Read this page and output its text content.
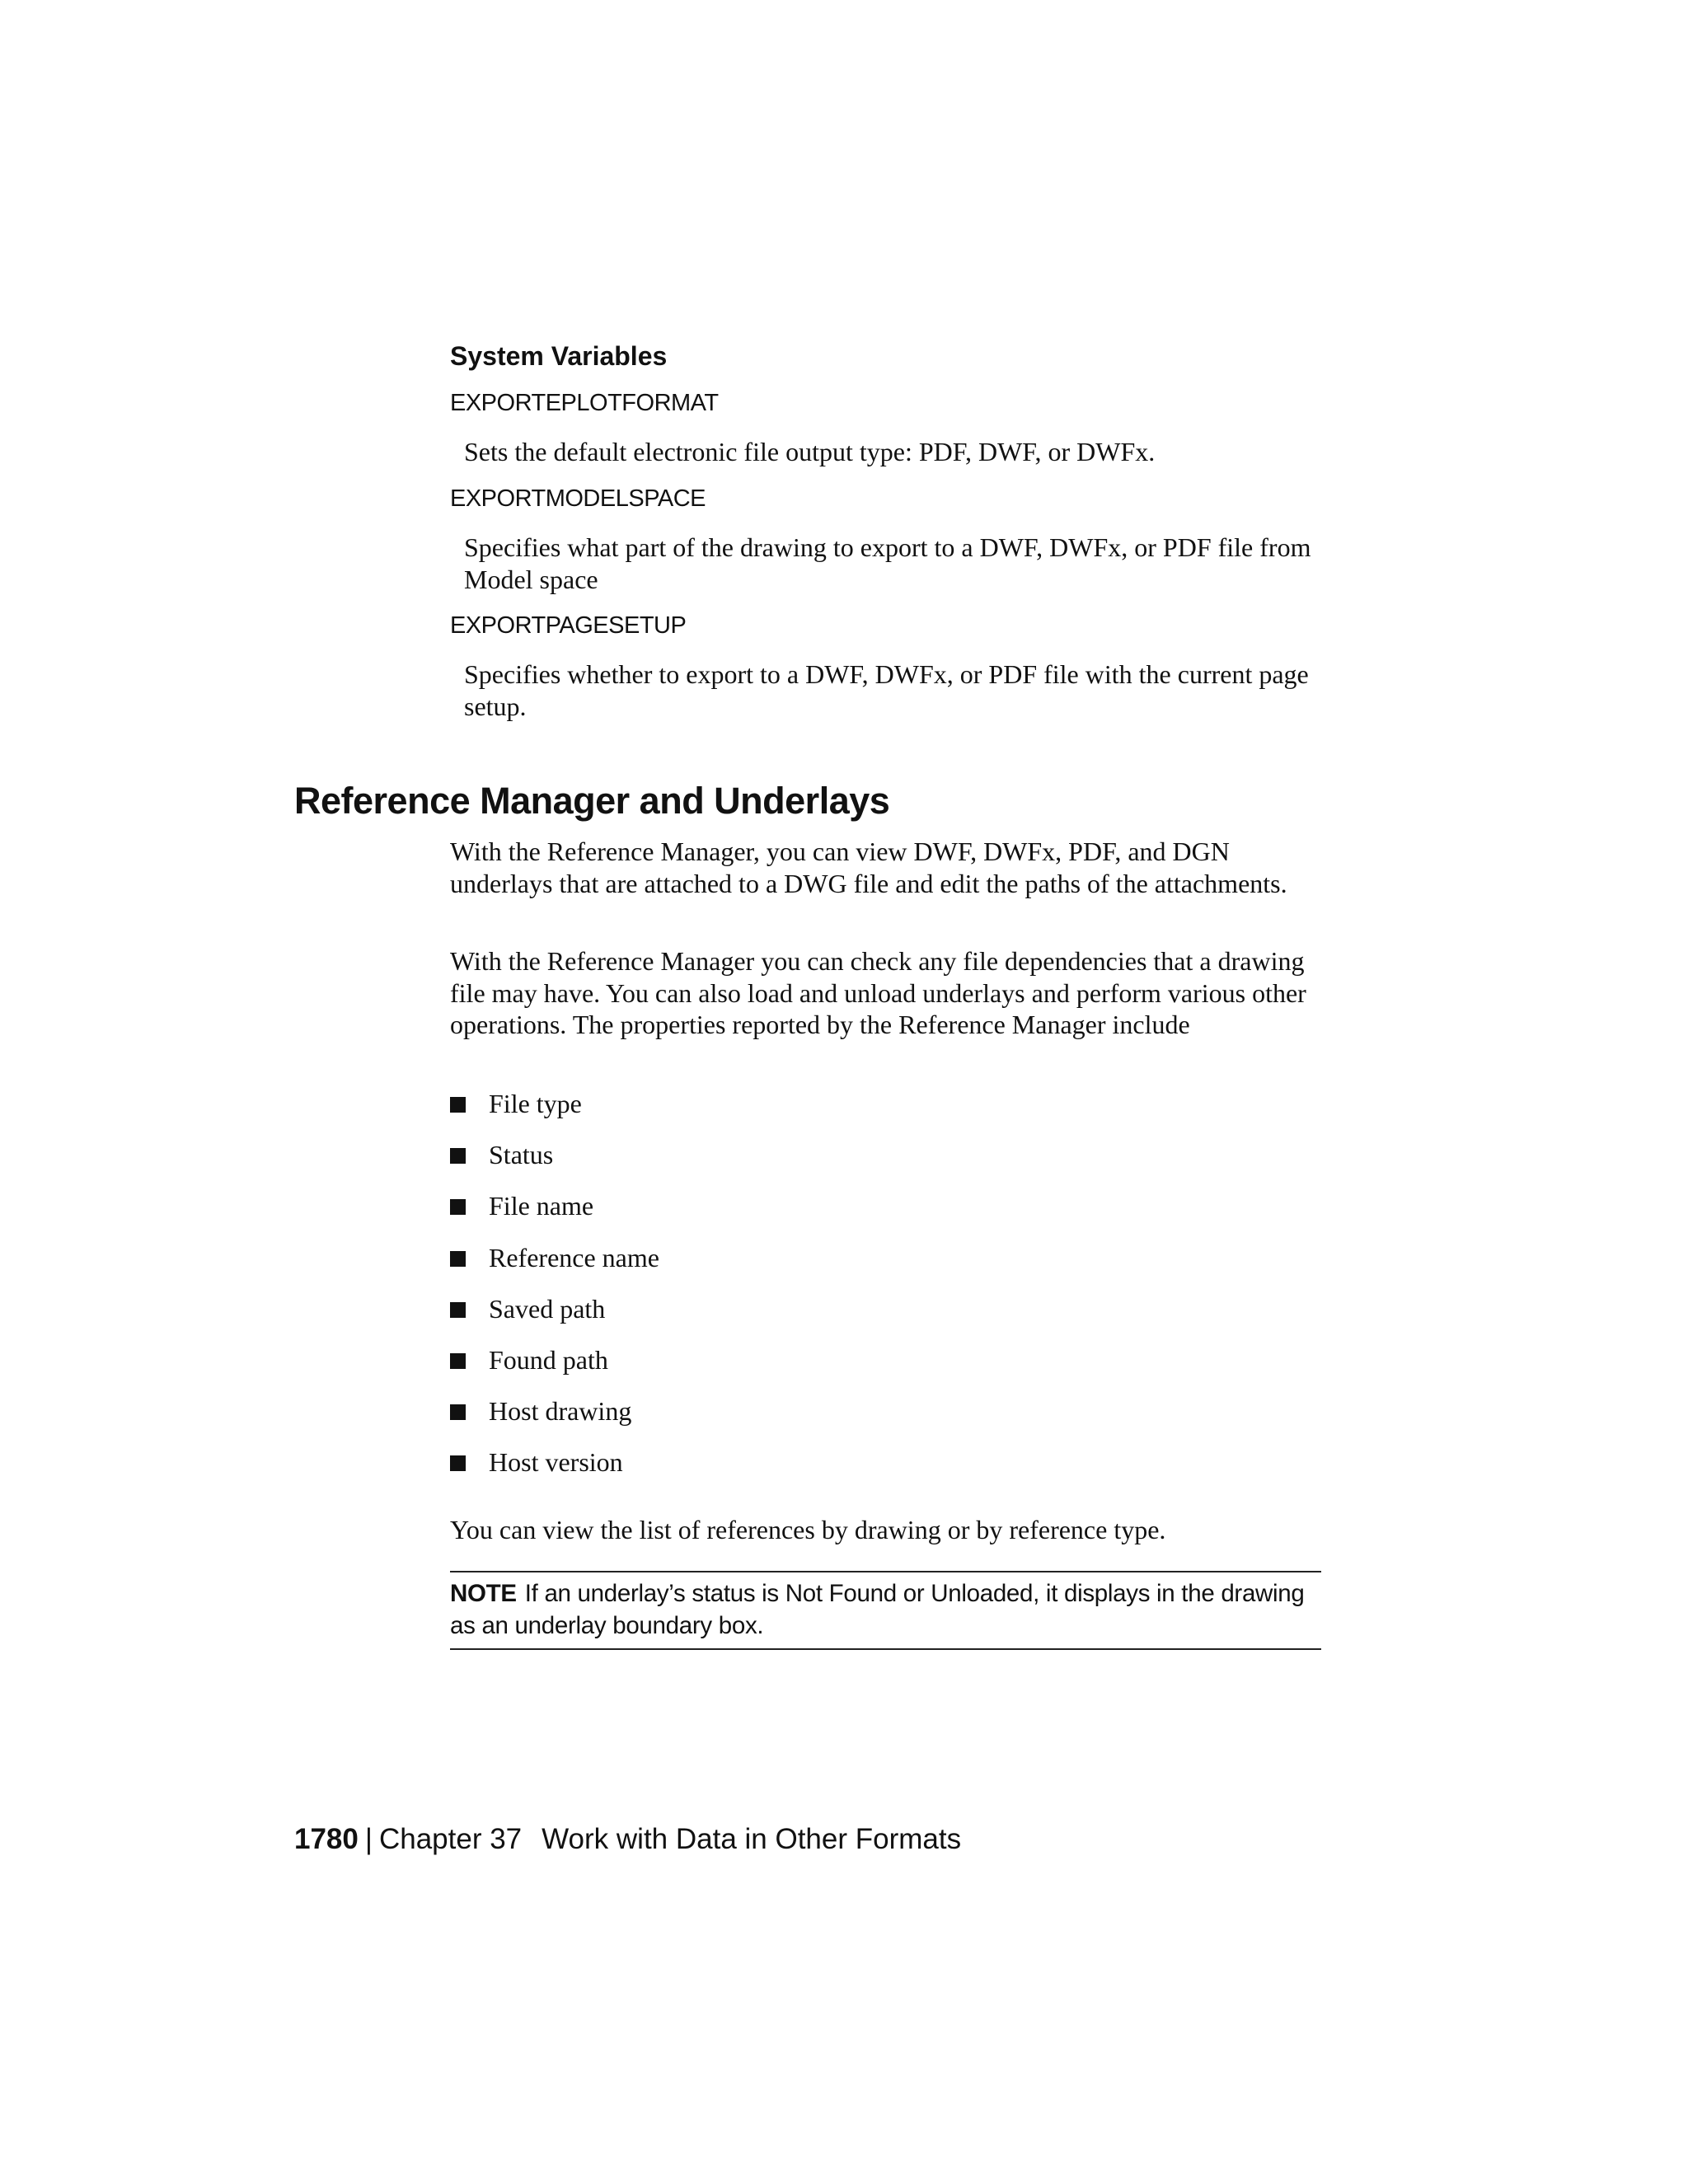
System Variables
EXPORTEPLOTFORMAT
Sets the default electronic file output type: PDF, DWF, or DWFx.
EXPORTMODELSPACE
Specifies what part of the drawing to export to a DWF, DWFx, or PDF file from Model space
EXPORTPAGESETUP
Specifies whether to export to a DWF, DWFx, or PDF file with the current page setup.
Reference Manager and Underlays

With the Reference Manager, you can view DWF, DWFx, PDF, and DGN underlays that are attached to a DWG file and edit the paths of the attachments.

With the Reference Manager you can check any file dependencies that a drawing file may have. You can also load and unload underlays and perform various other operations. The properties reported by the Reference Manager include

File type
Status
File name
Reference name
Saved path
Found path
Host drawing
Host version

You can view the list of references by drawing or by reference type.

NOTE If an underlay’s status is Not Found or Unloaded, it displays in the drawing as an underlay boundary box.
1780 | Chapter 37 Work with Data in Other Formats
